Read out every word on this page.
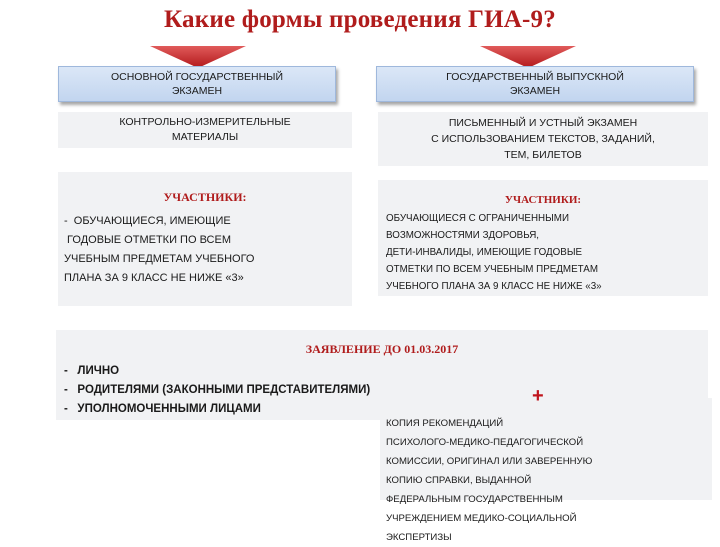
Какие формы проведения ГИА-9?
ОСНОВНОЙ ГОСУДАРСТВЕННЫЙ
ЭКЗАМЕН
ГОСУДАРСТВЕННЫЙ ВЫПУСКНОЙ
ЭКЗАМЕН
КОНТРОЛЬНО-ИЗМЕРИТЕЛЬНЫЕ
МАТЕРИАЛЫ
ПИСЬМЕННЫЙ И УСТНЫЙ ЭКЗАМЕН
С ИСПОЛЬЗОВАНИЕМ ТЕКСТОВ, ЗАДАНИЙ,
ТЕМ, БИЛЕТОВ
УЧАСТНИКИ:
-  ОБУЧАЮЩИЕСЯ, ИМЕЮЩИЕ
ГОДОВЫЕ ОТМЕТКИ ПО ВСЕМ
УЧЕБНЫМ ПРЕДМЕТАМ УЧЕБНОГО
ПЛАНА ЗА 9 КЛАСС НЕ НИЖЕ «3»
УЧАСТНИКИ:
ОБУЧАЮЩИЕСЯ С ОГРАНИЧЕННЫМИ
ВОЗМОЖНОСТЯМИ ЗДОРОВЬЯ,
ДЕТИ-ИНВАЛИДЫ, ИМЕЮЩИЕ ГОДОВЫЕ
ОТМЕТКИ ПО ВСЕМ УЧЕБНЫМ ПРЕДМЕТАМ
УЧЕБНОГО ПЛАНА ЗА 9 КЛАСС НЕ НИЖЕ «3»
ЗАЯВЛЕНИЕ ДО 01.03.2017
-   ЛИЧНО
-   РОДИТЕЛЯМИ (ЗАКОННЫМИ ПРЕДСТАВИТЕЛЯМИ)
-   УПОЛНОМОЧЕННЫМИ ЛИЦАМИ
+
КОПИЯ РЕКОМЕНДАЦИЙ
ПСИХОЛОГО-МЕДИКО-ПЕДАГОГИЧЕСКОЙ
КОМИССИИ, ОРИГИНАЛ ИЛИ ЗАВЕРЕННУЮ
КОПИЮ СПРАВКИ, ВЫДАННОЙ
ФЕДЕРАЛЬНЫМ ГОСУДАРСТВЕННЫМ
УЧРЕЖДЕНИЕМ МЕДИКО-СОЦИАЛЬНОЙ
ЭКСПЕРТИЗЫ
